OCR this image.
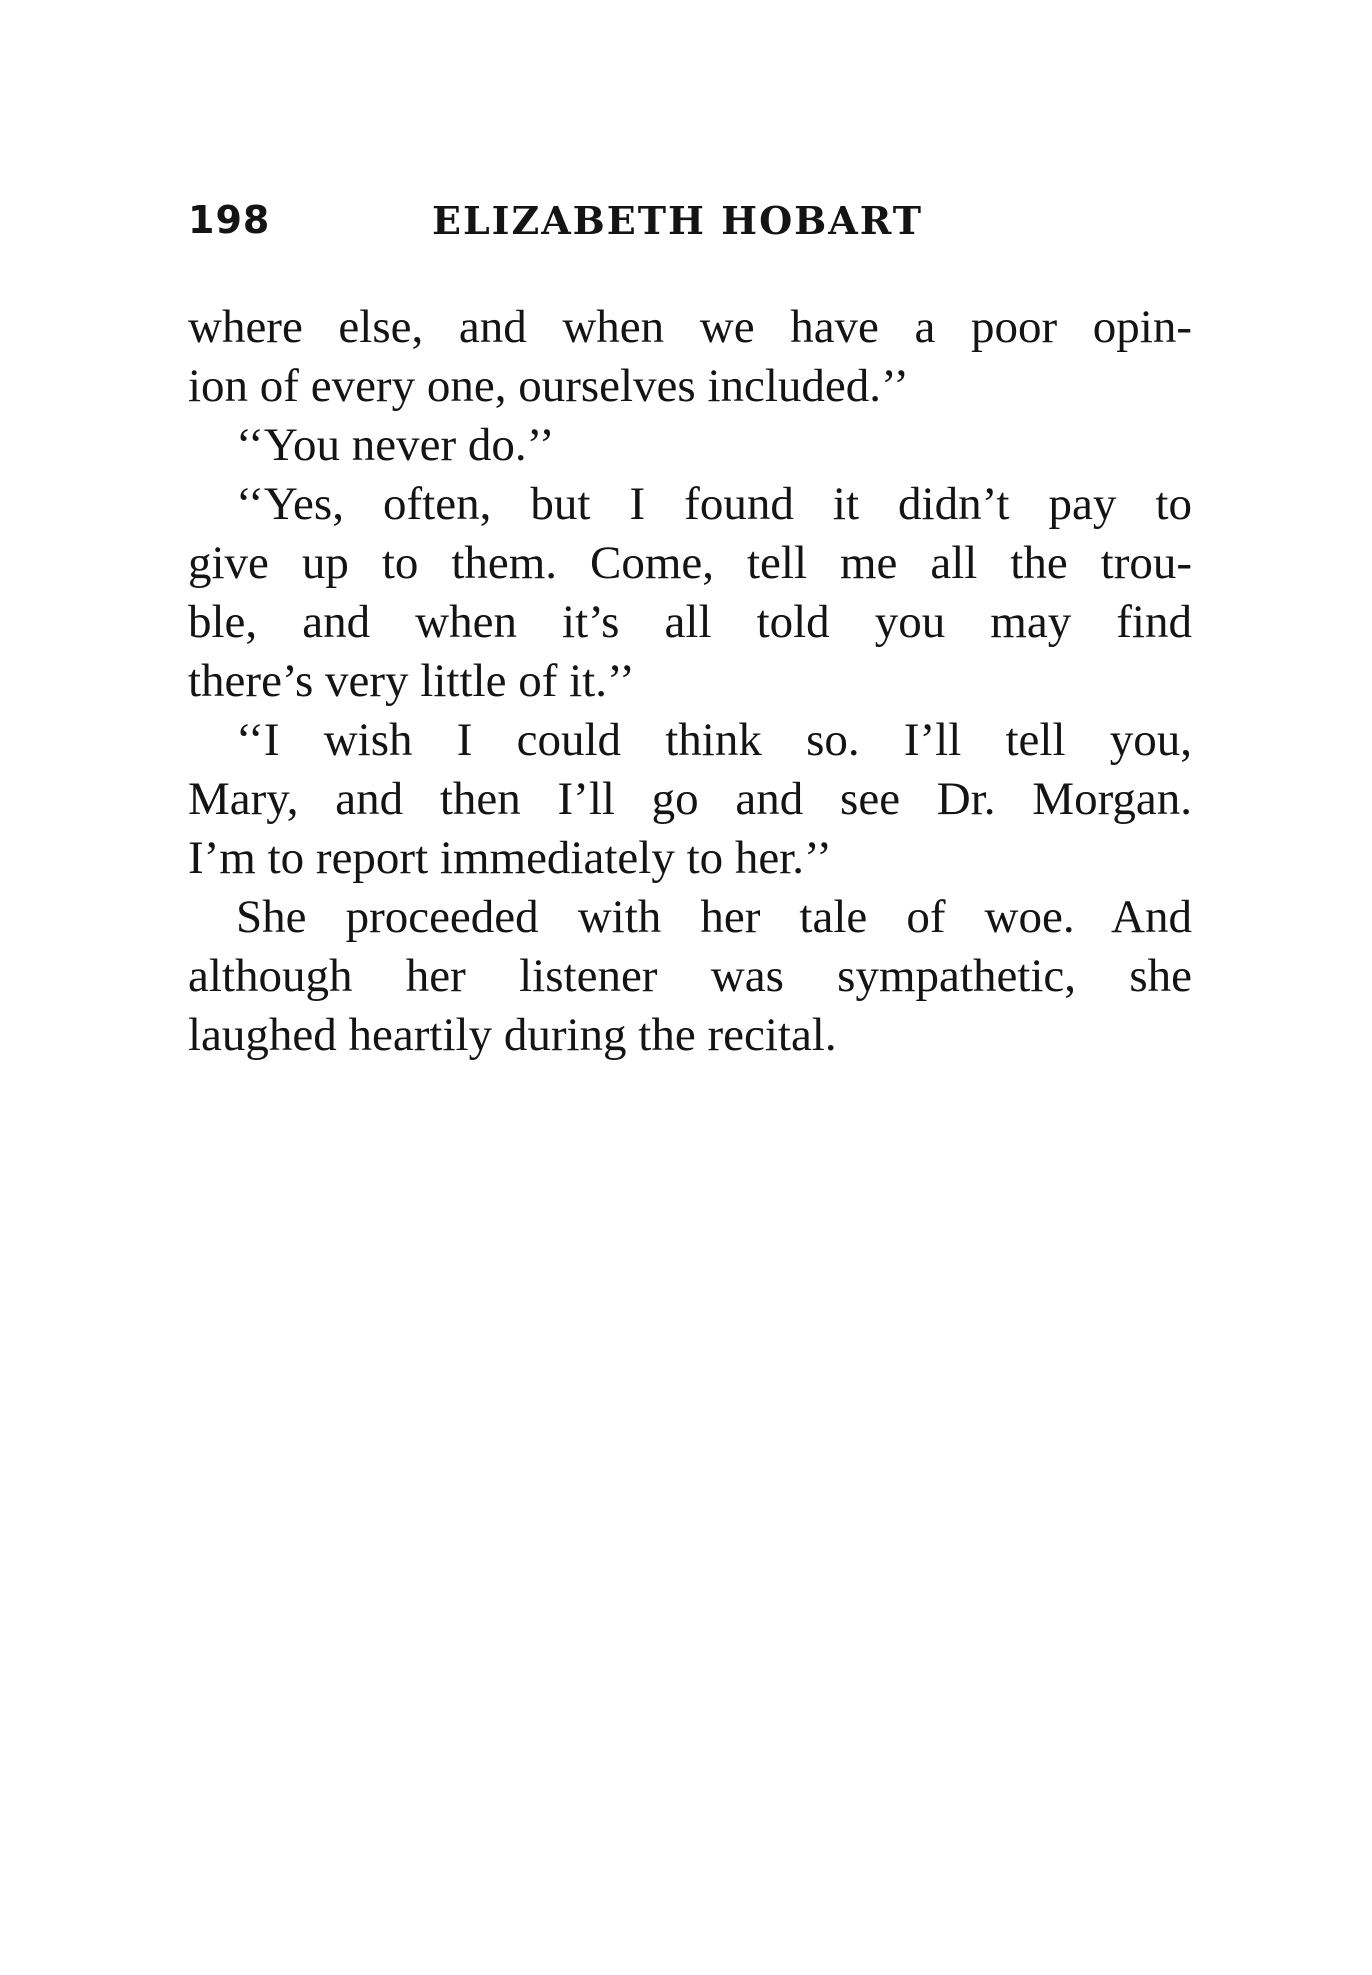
198	ELIZABETH HOBART
where else, and when we have a poor opin-
ion of every one, ourselves included.’’
‘‘You never do.’’
‘‘Yes, often, but I found it didn’t pay to
give up to them. Come, tell me all the trou-
ble, and when it’s all told you may find
there’s very little of it.’’
‘‘I wish I could think so. I’ll tell you,
Mary, and then I’ll go and see Dr. Morgan.
I’m to report immediately to her.’’
She proceeded with her tale of woe. And
although her listener was sympathetic, she
laughed heartily during the recital.
